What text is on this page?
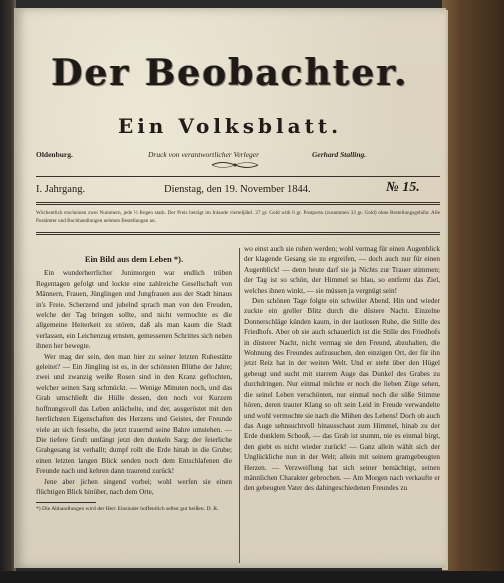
Der Beobachter.
Ein Volksblatt.
Oldenburg.	Druck von verantwortlicher Verleger	Gerhard Stalling.
I. Jahrgang.	Dienstag, den 19. November 1844.	№ 15.
Wöchentlich erscheinen zwei Nummern, jede ½ Bogen stark. Der Preis beträgt im Inlande vierteljährl. 27 gr. Gold with 6 gr. Postporto (zusammen 33 gr. Gold) ohne Bestellungsgebühr. Alle Postämter und Buchhandlungen nehmen Bestellungen an.
Ein Bild aus dem Leben *).

Ein wunderherrlicher Junimorgen war endlich trüben Regentagen gefolgt und lockte eine zahlreiche Gesellschaft von Männern, Frauen, Jünglingen und Jungfrauen aus der Stadt hinaus in's Freie. Scherzend und jubelnd sprach man von den Freuden, welche der Tag bringen sollte, und nicht vermochte es die allgemeine Heiterkeit zu stören, daß als man kaum die Stadt verlassen, ein Leichenzug ernsten, gemessenen Schrittes sich neben ihnen her bewegte.

Wer mag der sein, den man hier zu seiner letzten Ruhestätte geleitet? — Ein Jüngling ist es, in der schönsten Blüthe der Jahre; zwei und zwanzig weiße Rosen sind in den Kranz geflochten, welcher seinen Sarg schmückt. — Wenige Minuten noch, und das Grab umschließt die Hülle dessen, den noch vor Kurzem hoffnungsvoll das Leben anlächelte, und der, ausgerüstet mit den herrlichsten Eigenschaften des Herzens und Geistes, der Freunde viele an sich fesselte, die jetzt trauernd seine Bahre umstehen. — Die tiefere Gruft umfängt jetzt den dunkeln Sarg; der feierliche Grabgesang ist verhallt; dumpf rollt die Erde hinab in die Grube; einen letzten langen Blick senden noch dem Entschlafenen die Freunde nach und kehren dann traurend zurück!

Jene aber jichen singend vorbei; wohl werfen sie einen flüchtigen Blick hinüber, nach dem Orte,

*) Die Abhandlungen wird der Herr Einsinder hoffentlich selbst gut heißen. D. R.

wo einst auch sie ruhen werden; wohl vermag für einen Augenblick der klagende Gesang sie zu ergreifen, — doch auch nur für einen Augenblick! — denn heute darf sie ja Nichts zur Trauer stimmen; der Tag ist so schön, der Himmel so blau, so entfernt das Ziel, welches ihnen winkt, — sie müssen ja vergnügt sein!

Den schönen Tage folgte ein schwüler Abend. Hin und wieder zuckte ein greller Blitz durch die düstere Nacht. Einzelne Donnerschläge künden kaum, in der lautlosen Ruhe, die Stille des Friedhofs. Aber ob sie auch schauerlich ist die Stille des Friedhofs in düsterer Nacht, nicht vermag sie den Freund, abzuhalten, die Wohnung des Freundes aufzusuchen, den einzigen Ort, der für ihn jetzt Reiz hat in der weiten Welt. Und er steht über den Hügel gebeugt und sucht mit starrem Auge das Dunkel des Grabes zu durchdringen. Nur einmal möchte er noch die lieben Züge sehen, die seinel Leben verschönten, nur einmal noch die süße Stimme hören, deren trauter Klang so oft sein Leid in Freude verwandelte und wohl vermochte sie nach die Mühen des Lebens! Doch ob auch das Auge sehnsuchtvoll hinausschaut zum Himmel, hinab zu der Erde dunklem Schooß, — das Grab ist stumm, nie es einmal birgt, den giebt es nicht wieder zurück! — Ganz allein wählt sich der Unglückliche nun in der Welt; allein mit seinem gramgebeugten Herzen. — Verzweiflung hat sich seiner bemächtigt, seinen männlichen Charakter gebrochen. — Am Morgen nach verkaufte er den gebeugten Vater des dahingeschiedenen Freundes zu
